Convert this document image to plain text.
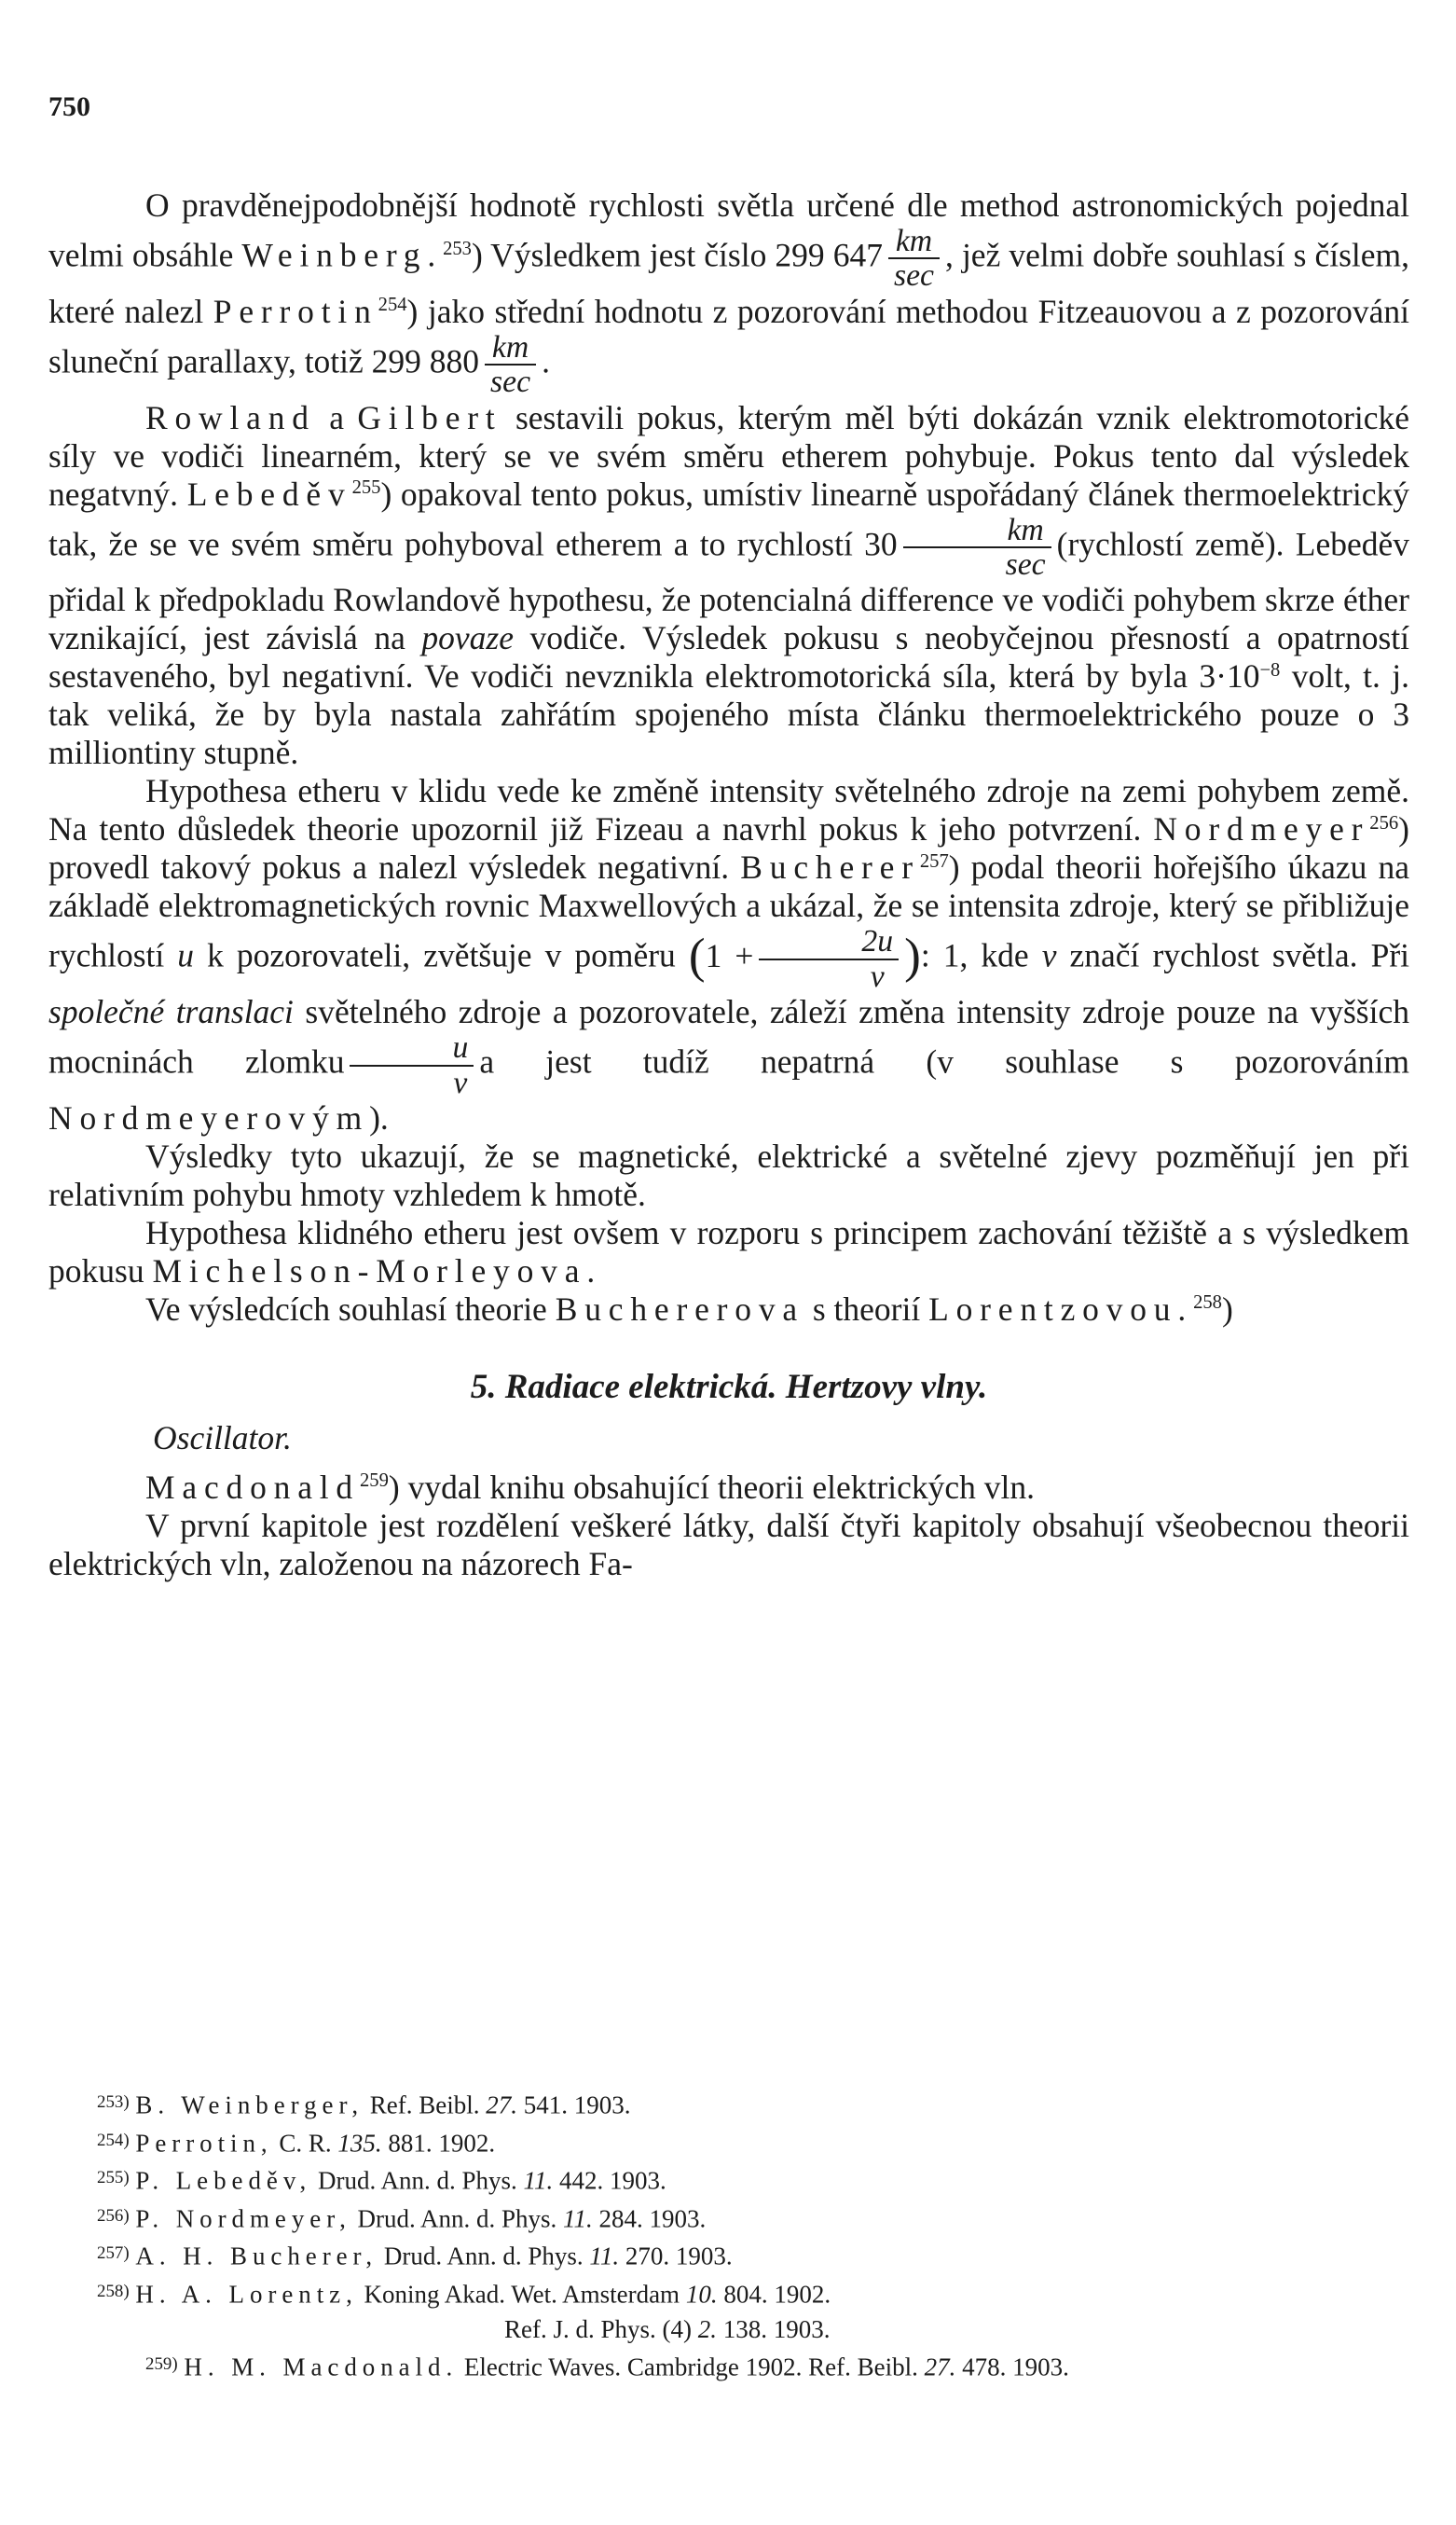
750

O pravděnejpodobnější hodnotě rychlosti světla určené dle method astronomických pojednal velmi obsáhle Weinberg.$^{253}$) Výsledkem jest číslo 299 $647 \frac{km}{\sec}$ , jež velmi dobře souhlasí s číslem, které nalezl Perrotin$^{254}$) jako střední hodnotu z pozorování methodou Fitzeauovou a z pozorování sluneční parallaxy, totiž 299 $880 \frac{km}{\sec}$ .

Rowland a Gilbert sestavili pokus, kterým měl býti dokázán vznik elektromotorické síly ve vodiči linearném, který se ve svém směru etherem pohybuje. Pokus tento dal výsledek negatvný. Lebeděv$^{255}$) opakoval tento pokus, umístiv linearně uspořádaný článek thermoelektrický tak, že se ve svém směru pohyboval etherem a to rychlostí $30 \frac{km}{\sec}$ (rychlostí země). Lebeděv přidal k předpokladu Rowlandově hypothesu, že potencialná difference ve vodiči pohybem skrze éther vznikající, jest závislá na povaze vodiče. Výsledek pokusu s neobyčejnou přesností a opatrností sestaveného, byl negativní. Ve vodiči nevznikla elektromotorická síla, která by byla 3·10$^{-8}$ volt, t. j. tak veliká, že by byla nastala zahřátím spojeného místa článku thermoelektrického pouze o 3 milliontiny stupně.

Hypothesa etheru v klidu vede ke změně intensity světelného zdroje na zemi pohybem země. Na tento důsledek theorie upozornil již Fizeau a navrhl pokus k jeho potvrzení. Nordmeyer$^{256}$) provedl takový pokus a nalezl výsledek negativní. Bucherer$^{257}$) podal theorii hořejšího úkazu na základě elektromagnetických rovnic Maxwellových a ukázal, že se intensita zdroje, který se přibližuje rychlostí u k pozorovateli, zvětšuje v poměru ($1 + \frac{2u}{v}$ ): 1, kde v značí rychlost světla. Při společné translaci světelného zdroje a pozorovatele, záleží změna intensity zdroje pouze na vyšších mocninách zlomku $\frac{u}{v}$ a jest tudíž nepatrná (v souhlase s pozorováním Nordmeyerovým).

Výsledky tyto ukazují, že se magnetické, elektrické a světelné zjevy pozměňují jen při relativním pohybu hmoty vzhledem k hmotě.

Hypothesa klidného etheru jest ovšem v rozporu s principem zachování těžiště a s výsledkem pokusu Michelson-Morleyova.

Ve výsledcích souhlasí theorie Buchererova s theorií Lorentzovou.$^{258}$)

5. Radiace elektrická. Hertzovy vlny.

Oscillator.

Macdonald$^{259}$) vydal knihu obsahující theorii elektrických vln.

V první kapitole jest rozdělení veškeré látky, další čtyři kapitoly obsahují všeobecnou theorii elektrických vln, založenou na názorech Fa-

$^{253)}$ B. Weinberger, Ref. Beibl. 27. 541. 1903.

$^{254)}$ Perrotin, C. R. 135. 881. 1902.

$^{255)}$ P. Lebeděv, Drud. Ann. d. Phys. 11. 442. 1903.

$^{256)}$ P. Nordmeyer, Drud. Ann. d. Phys. 11. 284. 1903.

$^{257)}$ A. H. Bucherer, Drud. Ann. d. Phys. 11. 270. 1903.

$^{258)}$ H. A. Lorentz, Koning Akad. Wet. Amsterdam 10. 804. 1902.

Ref. J. d. Phys. (4) 2. 138. 1903.

$^{259)}$ H. M. Macdonald. Electric Waves. Cambridge 1902. Ref. Beibl. 27. 478. 1903.
